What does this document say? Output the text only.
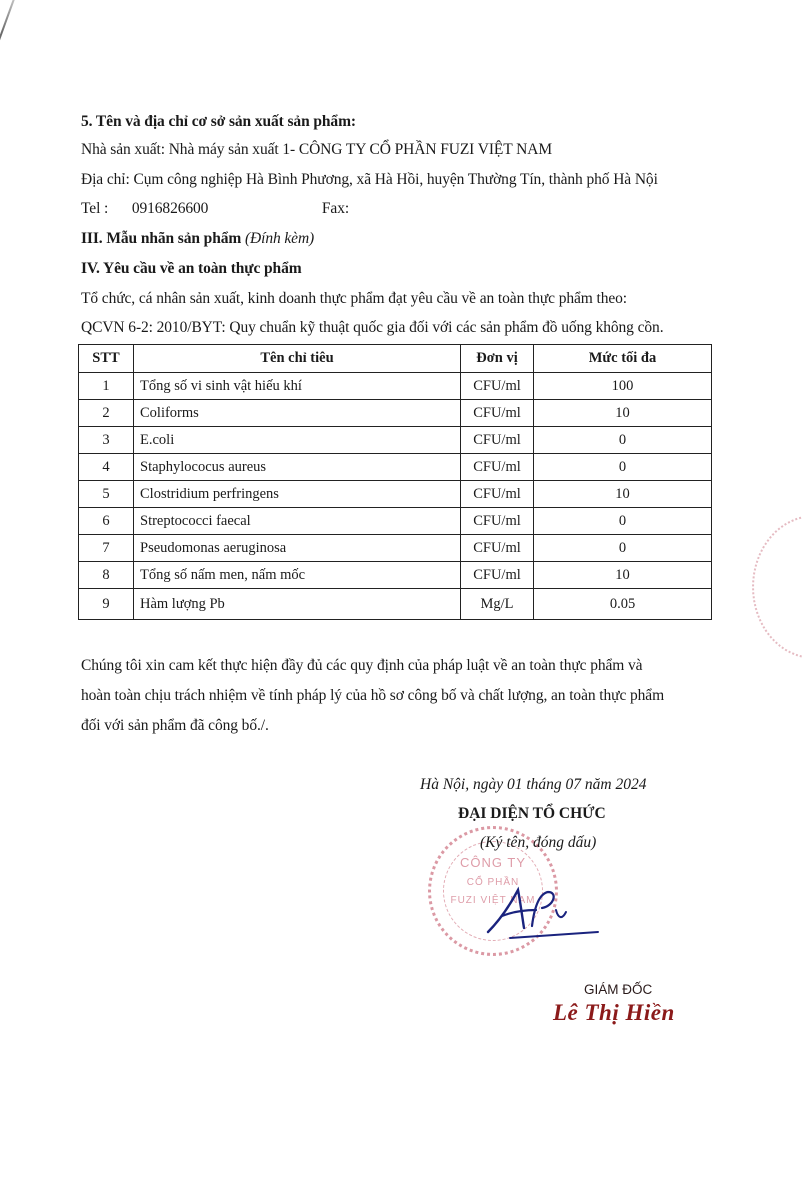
5. Tên và địa chỉ cơ sở sản xuất sản phẩm:
Nhà sản xuất: Nhà máy sản xuất 1- CÔNG TY CỔ PHẦN FUZI VIỆT NAM
Địa chỉ: Cụm công nghiệp Hà Bình Phương, xã Hà Hồi, huyện Thường Tín, thành phố Hà Nội
Tel : 0916826600	Fax:
III. Mẫu nhãn sản phẩm (Đính kèm)
IV. Yêu cầu về an toàn thực phẩm
Tổ chức, cá nhân sản xuất, kinh doanh thực phẩm đạt yêu cầu về an toàn thực phẩm theo:
QCVN 6-2: 2010/BYT: Quy chuẩn kỹ thuật quốc gia đối với các sản phẩm đồ uống không cồn.
STT	Tên chỉ tiêu	Đơn vị	Mức tối đa
1	Tổng số vi sinh vật hiếu khí	CFU/ml	100
2	Coliforms	CFU/ml	10
3	E.coli	CFU/ml	0
4	Staphylococus aureus	CFU/ml	0
5	Clostridium perfringens	CFU/ml	10
6	Streptococci faecal	CFU/ml	0
7	Pseudomonas aeruginosa	CFU/ml	0
8	Tổng số nấm men, nấm mốc	CFU/ml	10
9	Hàm lượng Pb	Mg/L	0.05
Chúng tôi xin cam kết thực hiện đầy đủ các quy định của pháp luật về an toàn thực phẩm và
hoàn toàn chịu trách nhiệm về tính pháp lý của hồ sơ công bố và chất lượng, an toàn thực phẩm
đối với sản phẩm đã công bố./.
CÔNG TY
CỔ PHẦN
FUZI VIỆT NAM
Hà Nội, ngày 01 tháng 07 năm 2024
ĐẠI DIỆN TỔ CHỨC
(Ký tên, đóng dấu)
GIÁM ĐỐC
Lê Thị Hiền
